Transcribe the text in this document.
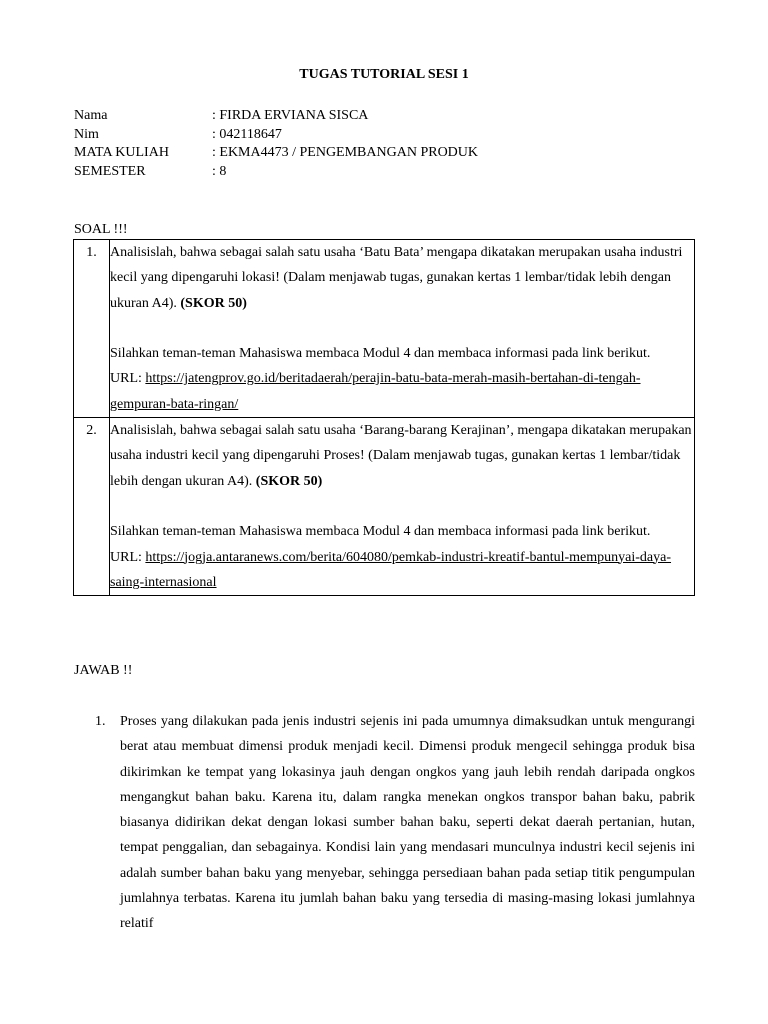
TUGAS TUTORIAL SESI 1
Nama	: FIRDA ERVIANA SISCA
Nim	: 042118647
MATA KULIAH	: EKMA4473 / PENGEMBANGAN PRODUK
SEMESTER	: 8
SOAL !!!
1.	Analisislah, bahwa sebagai salah satu usaha ‘Batu Bata’ mengapa dikatakan merupakan usaha industri kecil yang dipengaruhi lokasi! (Dalam menjawab tugas, gunakan kertas 1 lembar/tidak lebih dengan ukuran A4). (SKOR 50)

Silahkan teman-teman Mahasiswa membaca Modul 4 dan membaca informasi pada link berikut.

URL: https://jatengprov.go.id/beritadaerah/perajin-batu-bata-merah-masih-bertahan-di-tengah-gempuran-bata-ringan/

2.	Analisislah, bahwa sebagai salah satu usaha ‘Barang-barang Kerajinan’, mengapa dikatakan merupakan usaha industri kecil yang dipengaruhi Proses! (Dalam menjawab tugas, gunakan kertas 1 lembar/tidak lebih dengan ukuran A4). (SKOR 50)

Silahkan teman-teman Mahasiswa membaca Modul 4 dan membaca informasi pada link berikut.

URL: https://jogja.antaranews.com/berita/604080/pemkab-industri-kreatif-bantul-mempunyai-daya-saing-internasional

JAWAB !!
1. Proses yang dilakukan pada jenis industri sejenis ini pada umumnya dimaksudkan untuk mengurangi berat atau membuat dimensi produk menjadi kecil. Dimensi produk mengecil sehingga produk bisa dikirimkan ke tempat yang lokasinya jauh dengan ongkos yang jauh lebih rendah daripada ongkos mengangkut bahan baku. Karena itu, dalam rangka menekan ongkos transpor bahan baku, pabrik biasanya didirikan dekat dengan lokasi sumber bahan baku, seperti dekat daerah pertanian, hutan, tempat penggalian, dan sebagainya. Kondisi lain yang mendasari munculnya industri kecil sejenis ini adalah sumber bahan baku yang menyebar, sehingga persediaan bahan pada setiap titik pengumpulan jumlahnya terbatas. Karena itu jumlah bahan baku yang tersedia di masing-masing lokasi jumlahnya relatif
